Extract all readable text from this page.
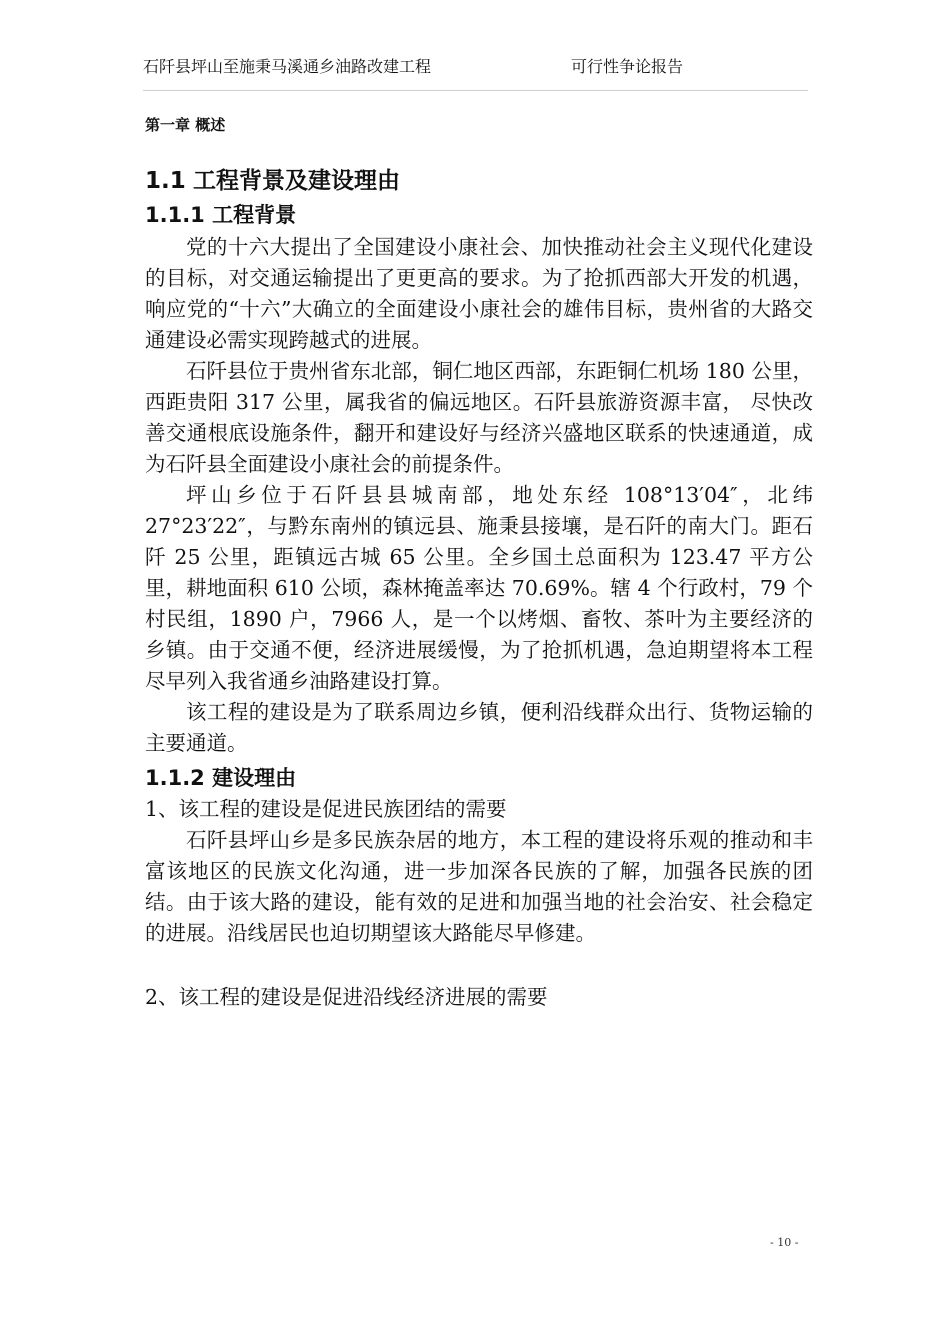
石阡县坪山至施秉马溪通乡油路改建工程	可行性争论报告
第一章 概述
1.1 工程背景及建设理由
1.1.1 工程背景

党的十六大提出了全国建设小康社会、加快推动社会主义现代化建设的目标，对交通运输提出了更更高的要求。为了抢抓西部大开发的机遇，响应党的“十六”大确立的全面建设小康社会的雄伟目标，贵州省的大路交通建设必需实现跨越式的进展。

石阡县位于贵州省东北部，铜仁地区西部，东距铜仁机场 180 公里，西距贵阳 317 公里，属我省的偏远地区。石阡县旅游资源丰富， 尽快改善交通根底设施条件，翻开和建设好与经济兴盛地区联系的快速通道，成为石阡县全面建设小康社会的前提条件。

坪山乡位于石阡县县城南部，地处东经 108°13′04″，北纬 27°23′22″，与黔东南州的镇远县、施秉县接壤，是石阡的南大门。距石阡 25 公里，距镇远古城 65 公里。全乡国土总面积为 123.47 平方公里，耕地面积 610 公顷，森林掩盖率达 70.69%。辖 4 个行政村，79 个村民组，1890 户，7966 人，是一个以烤烟、畜牧、茶叶为主要经济的乡镇。由于交通不便，经济进展缓慢，为了抢抓机遇，急迫期望将本工程尽早列入我省通乡油路建设打算。

该工程的建设是为了联系周边乡镇，便利沿线群众出行、货物运输的主要通道。

1.1.2 建设理由
1、该工程的建设是促进民族团结的需要

石阡县坪山乡是多民族杂居的地方，本工程的建设将乐观的推动和丰富该地区的民族文化沟通，进一步加深各民族的了解，加强各民族的团结。由于该大路的建设，能有效的足进和加强当地的社会治安、社会稳定的进展。沿线居民也迫切期望该大路能尽早修建。

2、该工程的建设是促进沿线经济进展的需要
- 10 -
